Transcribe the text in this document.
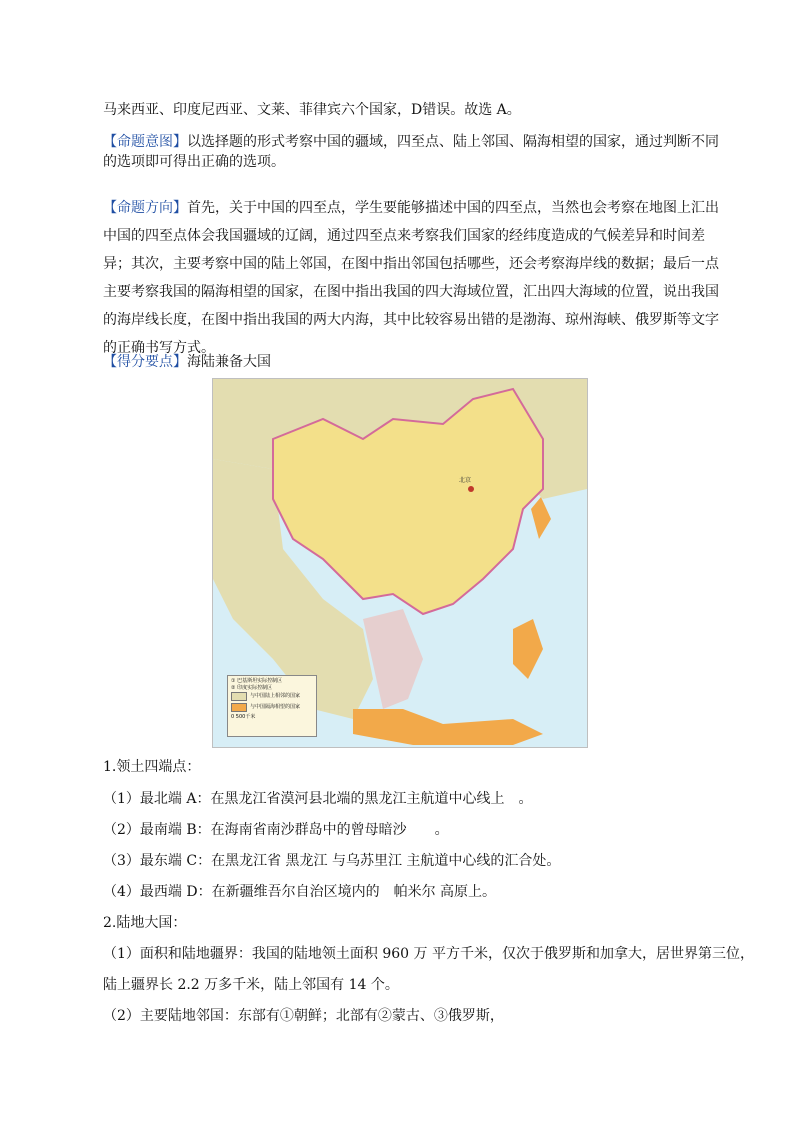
马来西亚、印度尼西亚、文莱、菲律宾六个国家，D错误。故选 A。
【命题意图】以选择题的形式考察中国的疆域，四至点、陆上邻国、隔海相望的国家，通过判断不同的选项即可得出正确的选项。
【命题方向】首先，关于中国的四至点，学生要能够描述中国的四至点，当然也会考察在地图上汇出中国的四至点体会我国疆域的辽阔，通过四至点来考察我们国家的经纬度造成的气候差异和时间差异；其次，主要考察中国的陆上邻国，在图中指出邻国包括哪些，还会考察海岸线的数据；最后一点主要考察我国的隔海相望的国家，在图中指出我国的四大海域位置，汇出四大海域的位置，说出我国的海岸线长度，在图中指出我国的两大内海，其中比较容易出错的是渤海、琼州海峡、俄罗斯等文字的正确书写方式。
【得分要点】海陆兼备大国
北京
① 巴基斯坦实际控制区
② 印度实际控制区
与中国陆上相邻的国家
与中国隔海相望的国家
0 500千米
1.领土四端点：
（1）最北端 A：在黑龙江省漠河县北端的黑龙江主航道中心线上　。
（2）最南端 B：在海南省南沙群岛中的曾母暗沙　　。
（3）最东端 C：在黑龙江省 黑龙江 与乌苏里江 主航道中心线的汇合处。
（4）最西端 D：在新疆维吾尔自治区境内的　帕米尔 高原上。
2.陆地大国：
（1）面积和陆地疆界：我国的陆地领土面积 960 万 平方千米，仅次于俄罗斯和加拿大，居世界第三位，
陆上疆界长 2.2 万多千米，陆上邻国有 14 个。
（2）主要陆地邻国：东部有①朝鲜；北部有②蒙古、③俄罗斯，
